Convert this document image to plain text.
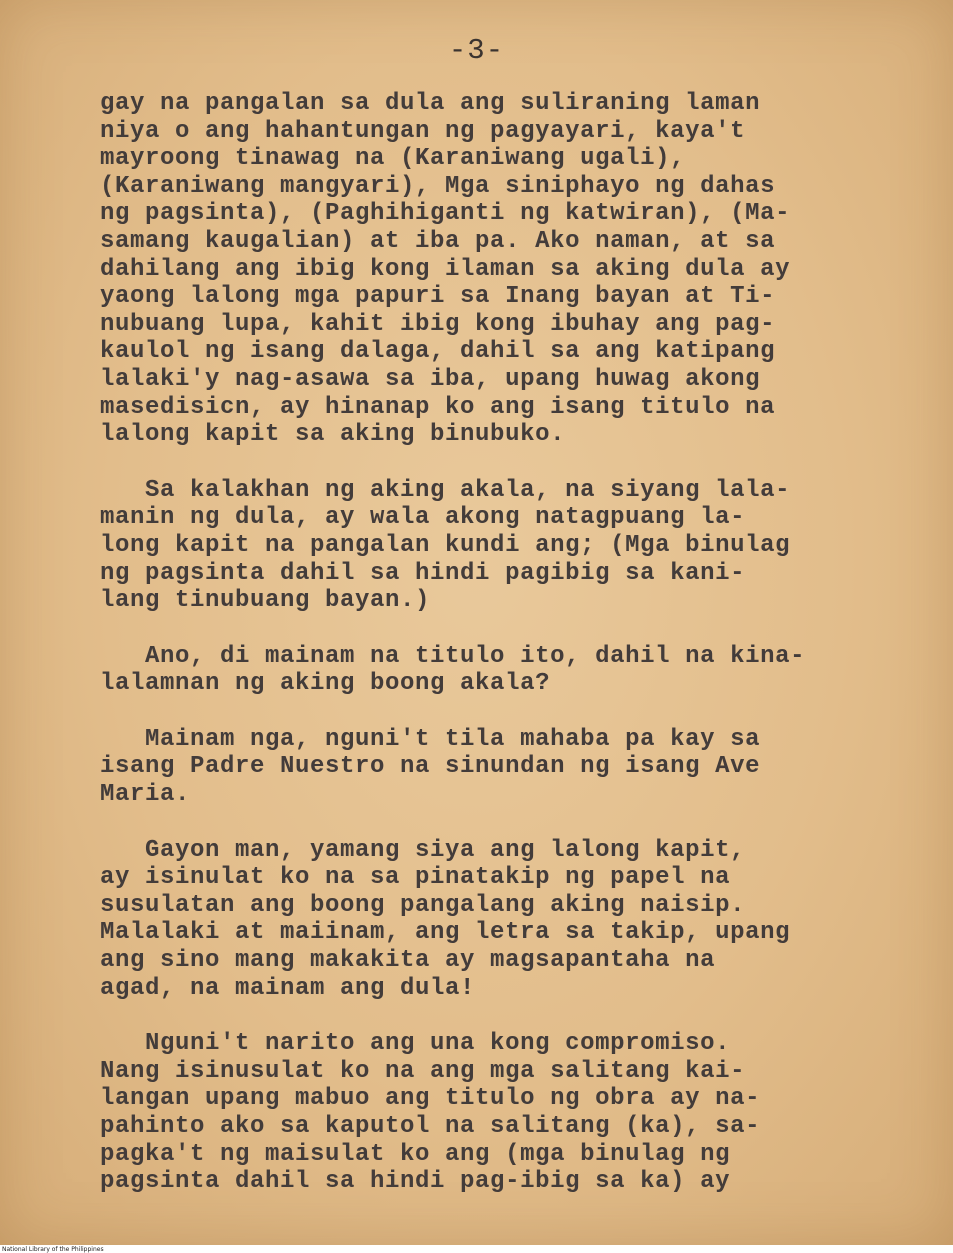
-3-

gay na pangalan sa dula ang suliraning laman
niya o ang hahantungan ng pagyayari, kaya't
mayroong tinawag na (Karaniwang ugali),
(Karaniwang mangyari), Mga siniphayo ng dahas
ng pagsinta), (Paghihiganti ng katwiran), (Ma-
samang kaugalian) at iba pa. Ako naman, at sa
dahilang ang ibig kong ilaman sa aking dula ay
yaong lalong mga papuri sa Inang bayan at Ti-
nubuang lupa, kahit ibig kong ibuhay ang pag-
kaulol ng isang dalaga, dahil sa ang katipang
lalaki'y nag-asawa sa iba, upang huwag akong
masedisicn, ay hinanap ko ang isang titulo na
lalong kapit sa aking binubuko.

Sa kalakhan ng aking akala, na siyang lala-
manin ng dula, ay wala akong natagpuang la-
long kapit na pangalan kundi ang; (Mga binulag
ng pagsinta dahil sa hindi pagibig sa kani-
lang tinubuang bayan.)

Ano, di mainam na titulo ito, dahil na kina-
lalamnan ng aking boong akala?

Mainam nga, nguni't tila mahaba pa kay sa
isang Padre Nuestro na sinundan ng isang Ave
Maria.

Gayon man, yamang siya ang lalong kapit,
ay isinulat ko na sa pinatakip ng papel na
susulatan ang boong pangalang aking naisip.
Malalaki at maiinam, ang letra sa takip, upang
ang sino mang makakita ay magsapantaha na
agad, na mainam ang dula!

Nguni't narito ang una kong compromiso.
Nang isinusulat ko na ang mga salitang kai-
langan upang mabuo ang titulo ng obra ay na-
pahinto ako sa kaputol na salitang (ka), sa-
pagka't ng maisulat ko ang (mga binulag ng
pagsinta dahil sa hindi pag-ibig sa ka) ay

National Library of the Philippines
